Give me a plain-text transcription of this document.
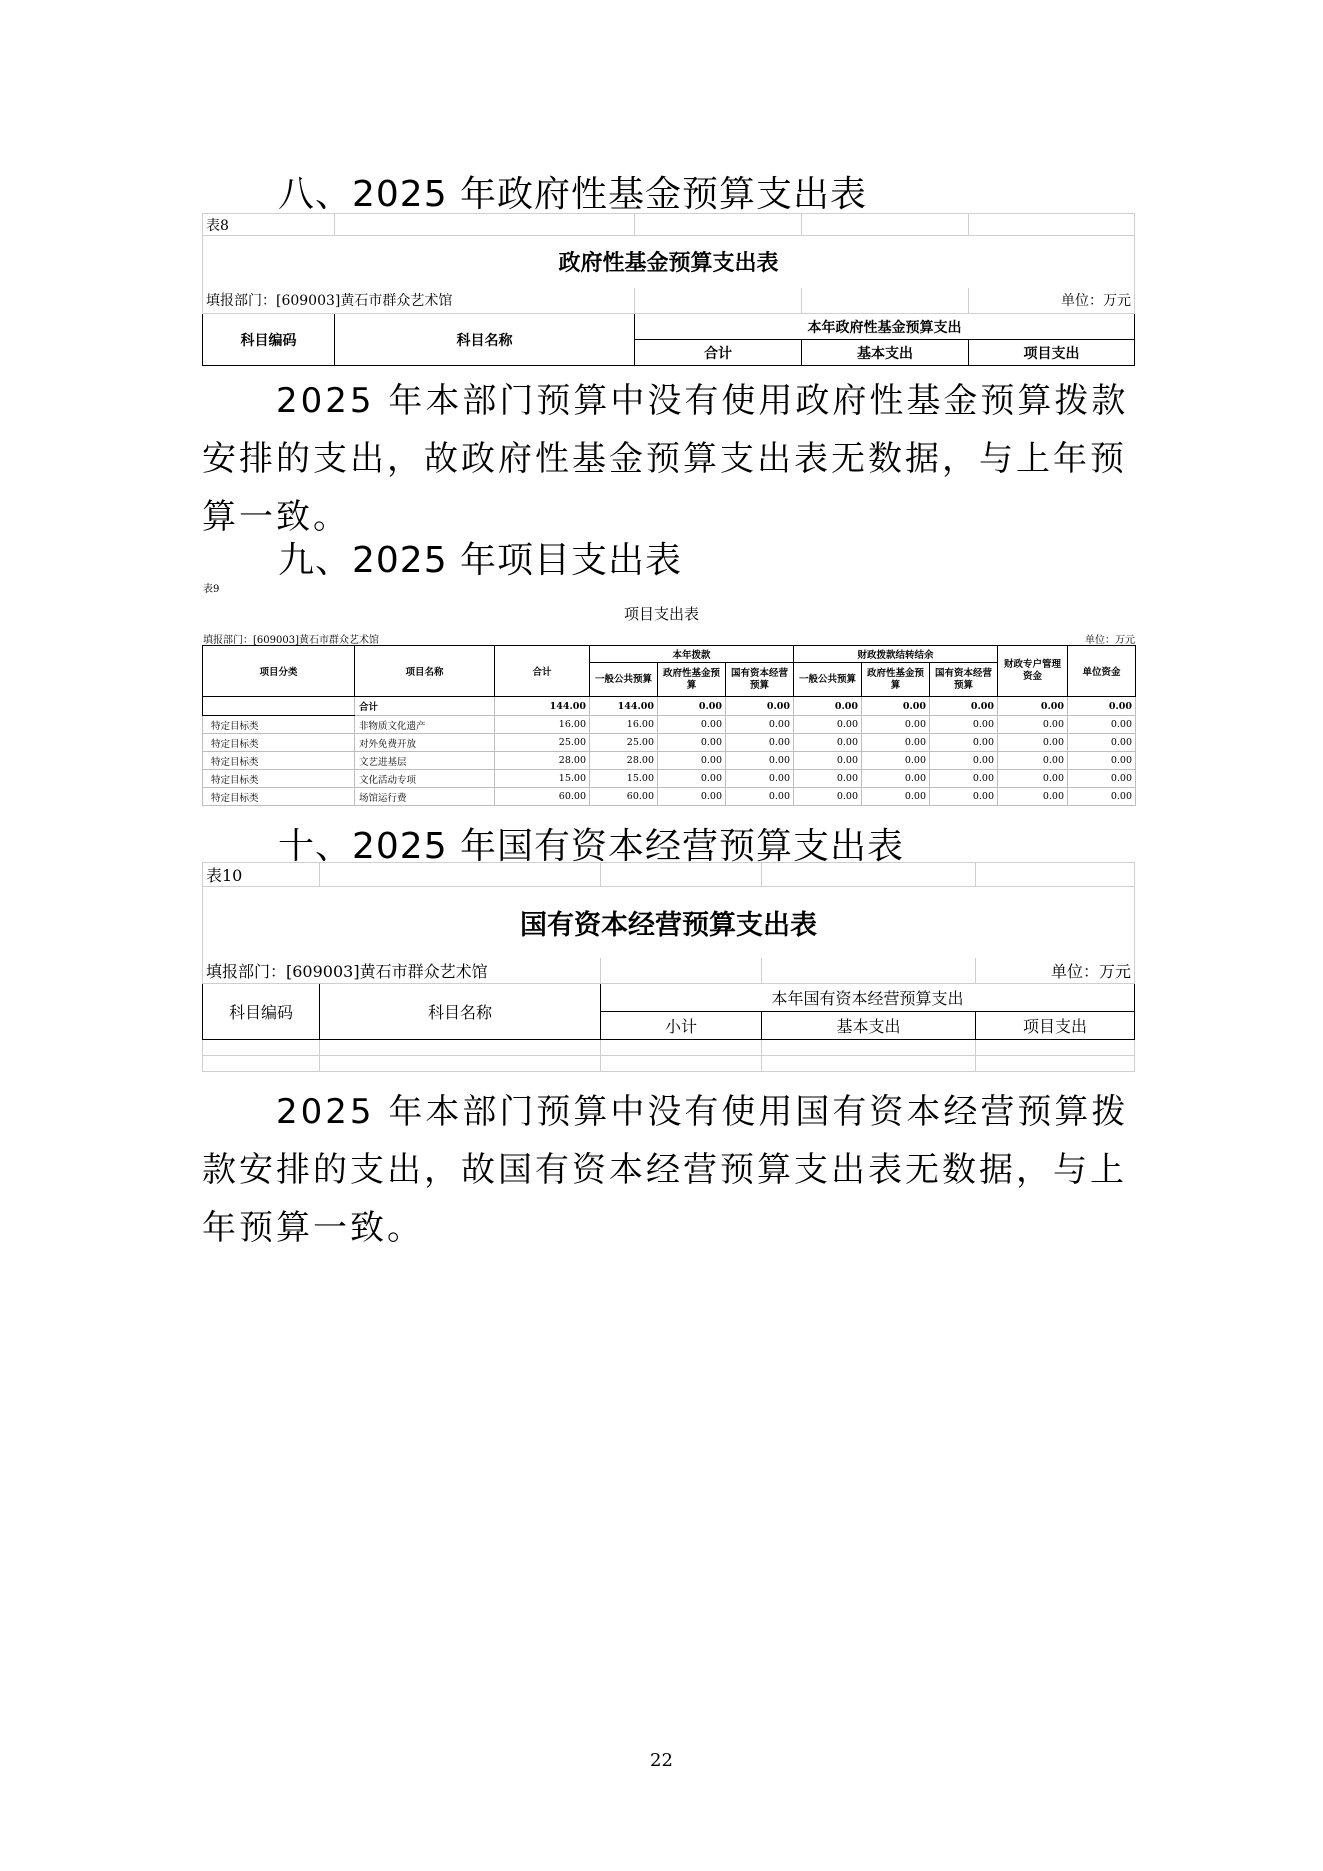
八、2025 年政府性基金预算支出表
表8				
政府性基金预算支出表				
填报部门：[609003]黄石市群众艺术馆				单位：万元
科目编码	科目名称	本年政府性基金预算支出		
		合计	基本支出	项目支出
2025 年本部门预算中没有使用政府性基金预算拨款安排的支出，故政府性基金预算支出表无数据，与上年预算一致。
九、2025 年项目支出表
表9
项目支出表
填报部门：[609003]黄石市群众艺术馆	单位：万元
项目分类	项目名称	合计	本年拨款			财政拨款结转结余			财政专户管理资金	单位资金
			一般公共预算	政府性基金预算	国有资本经营预算	一般公共预算	政府性基金预算	国有资本经营预算		
	合计	144.00	144.00	0.00	0.00	0.00	0.00	0.00	0.00	0.00
特定目标类	非物质文化遗产	16.00	16.00	0.00	0.00	0.00	0.00	0.00	0.00	0.00
特定目标类	对外免费开放	25.00	25.00	0.00	0.00	0.00	0.00	0.00	0.00	0.00
特定目标类	文艺进基层	28.00	28.00	0.00	0.00	0.00	0.00	0.00	0.00	0.00
特定目标类	文化活动专项	15.00	15.00	0.00	0.00	0.00	0.00	0.00	0.00	0.00
特定目标类	场馆运行费	60.00	60.00	0.00	0.00	0.00	0.00	0.00	0.00	0.00
十、2025 年国有资本经营预算支出表
表10				
国有资本经营预算支出表				
填报部门：[609003]黄石市群众艺术馆				单位：万元
科目编码	科目名称	本年国有资本经营预算支出		
		小计	基本支出	项目支出

2025 年本部门预算中没有使用国有资本经营预算拨款安排的支出，故国有资本经营预算支出表无数据，与上年预算一致。
22
